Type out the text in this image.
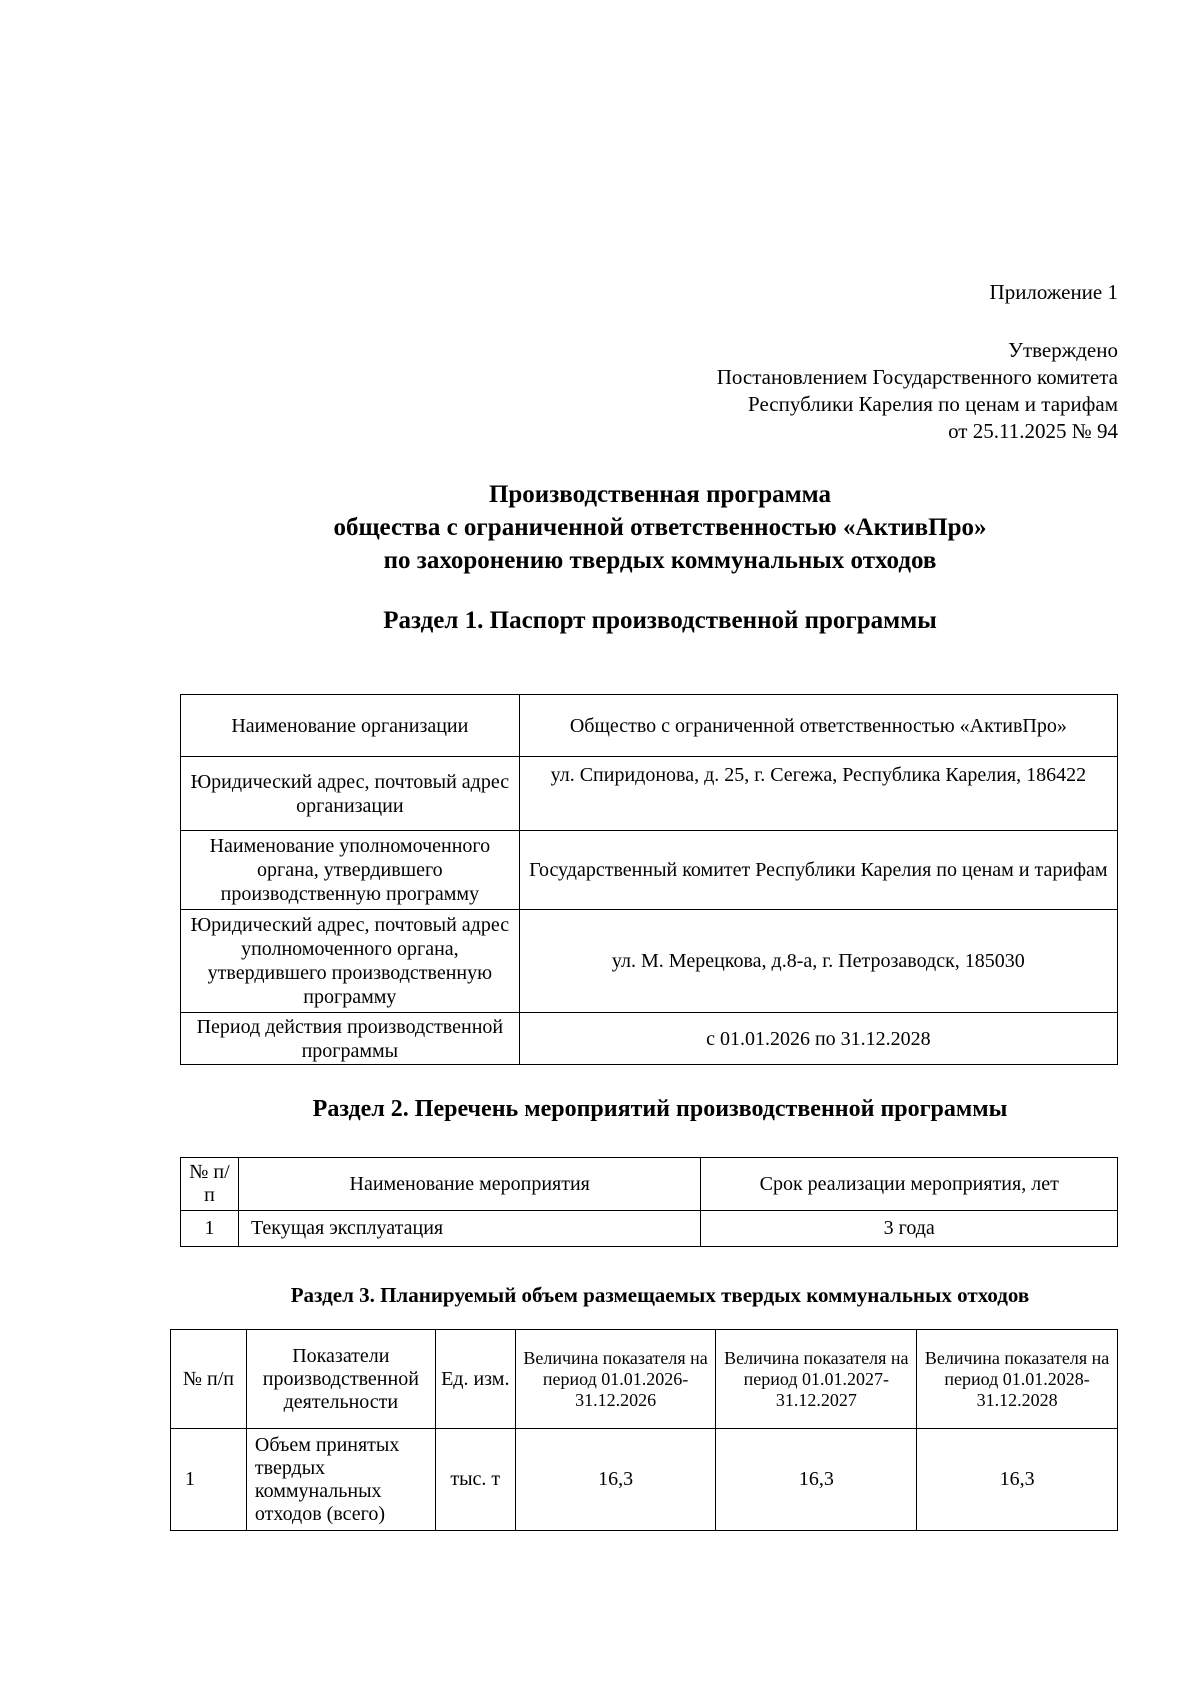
Приложение 1
Утверждено
Постановлением Государственного комитета
Республики Карелия по ценам и тарифам
от 25.11.2025 № 94
Производственная программа
общества с ограниченной ответственностью «АктивПро»
по захоронению твердых коммунальных отходов
Раздел 1. Паспорт производственной программы
Наименование организации	Общество с ограниченной ответственностью «АктивПро»
Юридический адрес, почтовый адрес организации	ул. Спиридонова, д. 25, г. Сегежа, Республика Карелия, 186422
Наименование уполномоченного органа, утвердившего производственную программу	Государственный комитет Республики Карелия по ценам и тарифам
Юридический адрес, почтовый адрес уполномоченного органа, утвердившего производственную программу	ул. М. Мерецкова, д.8-а, г. Петрозаводск, 185030
Период действия производственной программы	с 01.01.2026 по 31.12.2028
Раздел 2. Перечень мероприятий производственной программы
№ п/п	Наименование мероприятия	Срок реализации мероприятия, лет
1	Текущая эксплуатация	3 года
Раздел 3. Планируемый объем размещаемых твердых коммунальных отходов
№ п/п	Показатели производственной деятельности	Ед. изм.	Величина показателя на период 01.01.2026-31.12.2026	Величина показателя на период 01.01.2027-31.12.2027	Величина показателя на период 01.01.2028-31.12.2028
1	Объем принятых твердых коммунальных отходов (всего)	тыс. т	16,3	16,3	16,3
